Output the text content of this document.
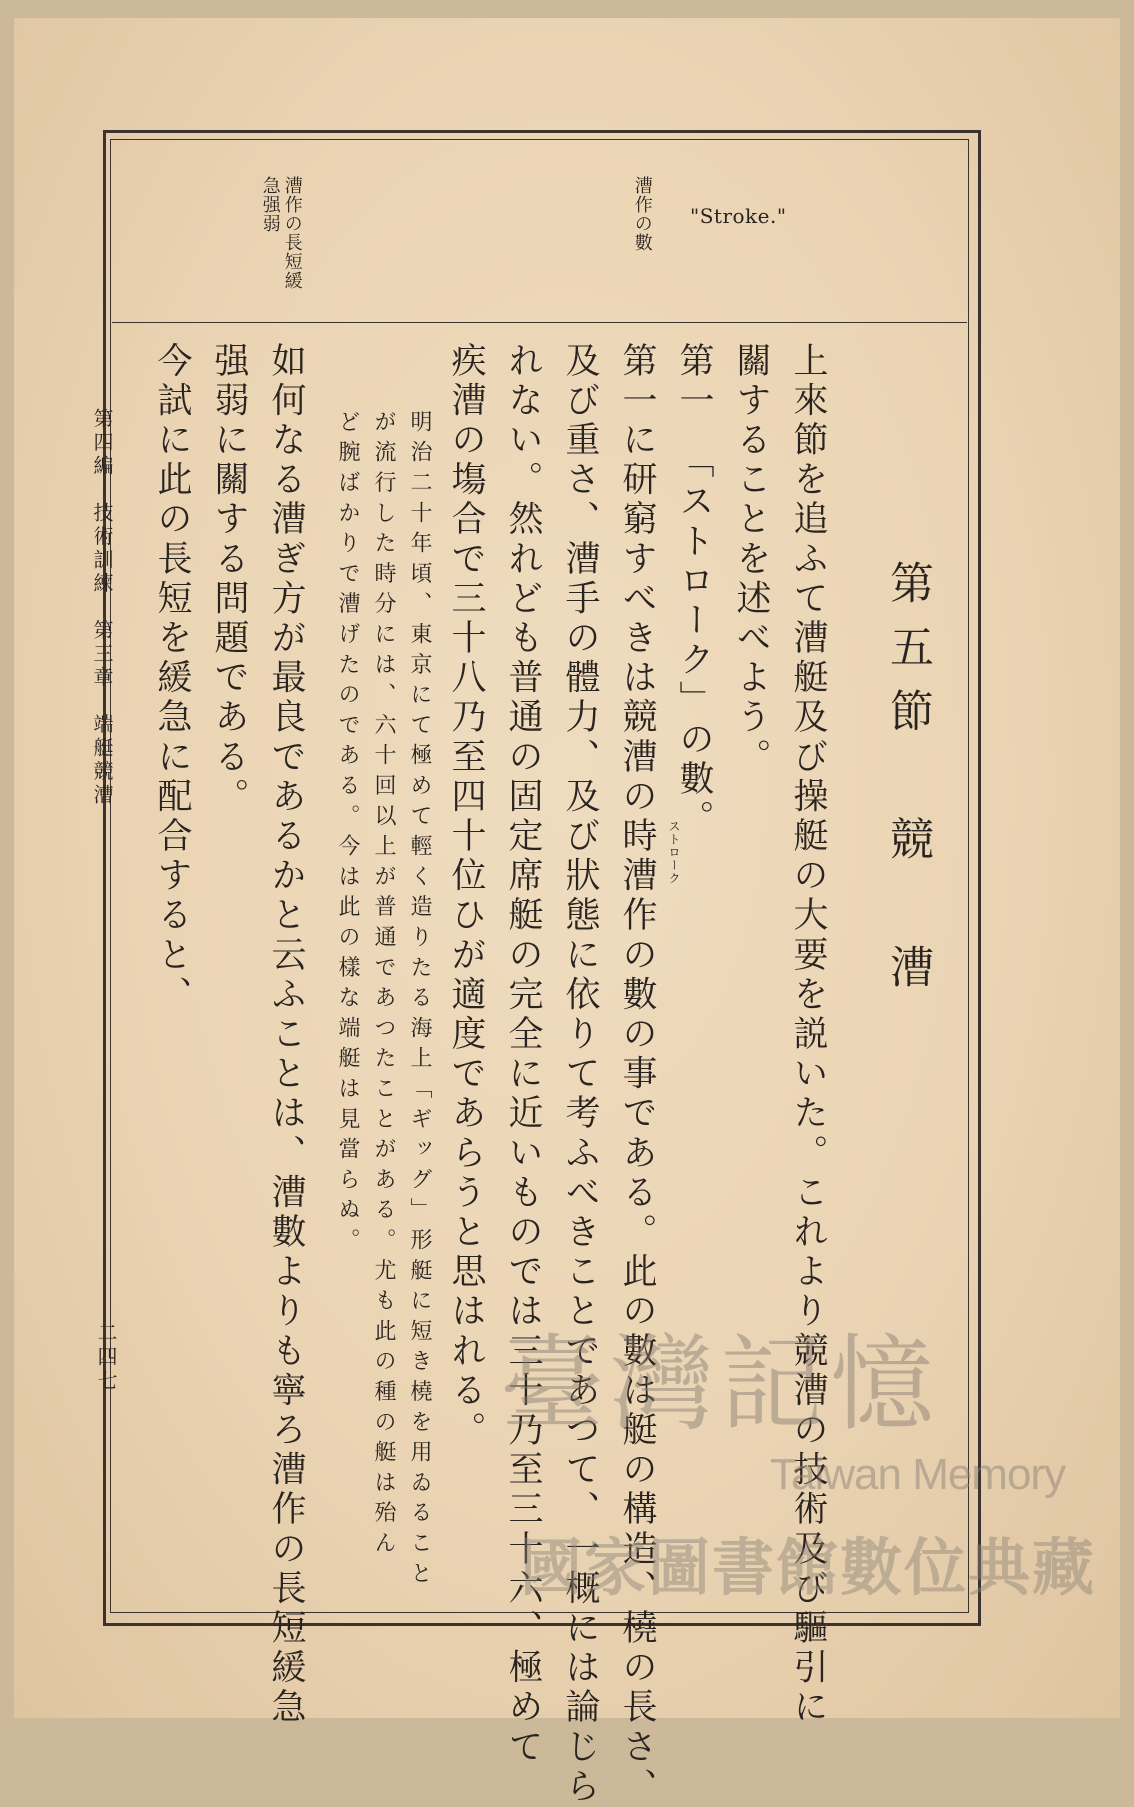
漕作の數 "Stroke."
漕作の長短緩
急强弱
第五節　競　漕
上來節を追ふて漕艇及び操艇の大要を説いた。これより競漕の技術及び驅引に
關することを述べよう。
第一　「ストローク」の數。
第一に研窮すべきは競漕の時漕作の數の事である。此の數は艇の構造、橈の長さ、
及び重さ、漕手の體力、及び狀態に依りて考ふべきことであつて、一概には論じら
れない。然れども普通の固定席艇の完全に近いものでは三十乃至三十六、極めて
疾漕の塲合で三十八乃至四十位ひが適度であらうと思はれる。	ストローク
明治二十年頃、東京にて極めて輕く造りたる海上「ギッグ」形艇に短き橈を用ゐること
が流行した時分には、六十回以上が普通であつたことがある。尤も此の種の艇は殆ん
ど腕ばかりで漕げたのである。今は此の樣な端艇は見當らぬ。
如何なる漕ぎ方が最良であるかと云ふことは、漕數よりも寧ろ漕作の長短緩急
强弱に關する問題である。
今試に此の長短を緩急に配合すると、
第四編　技術訓練　第三章　端艇競漕
二四七	臺灣記憶
Taiwan Memory
國家圖書館數位典藏
